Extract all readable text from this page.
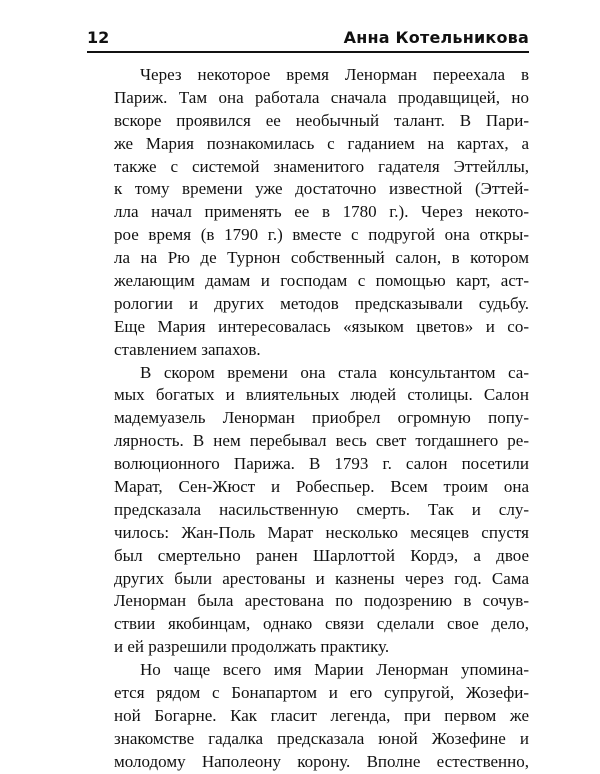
12	Анна Котельникова
Через некоторое время Ленорман переехала в
Париж. Там она работала сначала продавщицей, но
вскоре проявился ее необычный талант. В Пари-
же Мария познакомилась с гаданием на картах, а
также с системой знаменитого гадателя Эттейллы,
к тому времени уже достаточно известной (Эттей-
лла начал применять ее в 1780 г.). Через некото-
рое время (в 1790 г.) вместе с подругой она откры-
ла на Рю де Турнон собственный салон, в котором
желающим дамам и господам с помощью карт, аст-
рологии и других методов предсказывали судьбу.
Еще Мария интересовалась «языком цветов» и со-
ставлением запахов.
В скором времени она стала консультантом са-
мых богатых и влиятельных людей столицы. Салон
мадемуазель Ленорман приобрел огромную попу-
лярность. В нем перебывал весь свет тогдашнего ре-
волюционного Парижа. В 1793 г. салон посетили
Марат, Сен-Жюст и Робеспьер. Всем троим она
предсказала насильственную смерть. Так и слу-
чилось: Жан-Поль Марат несколько месяцев спустя
был смертельно ранен Шарлоттой Кордэ, а двое
других были арестованы и казнены через год. Сама
Ленорман была арестована по подозрению в сочув-
ствии якобинцам, однако связи сделали свое дело,
и ей разрешили продолжать практику.
Но чаще всего имя Марии Ленорман упомина-
ется рядом с Бонапартом и его супругой, Жозефи-
ной Богарне. Как гласит легенда, при первом же
знакомстве гадалка предсказала юной Жозефине и
молодому Наполеону корону. Вполне естественно,
